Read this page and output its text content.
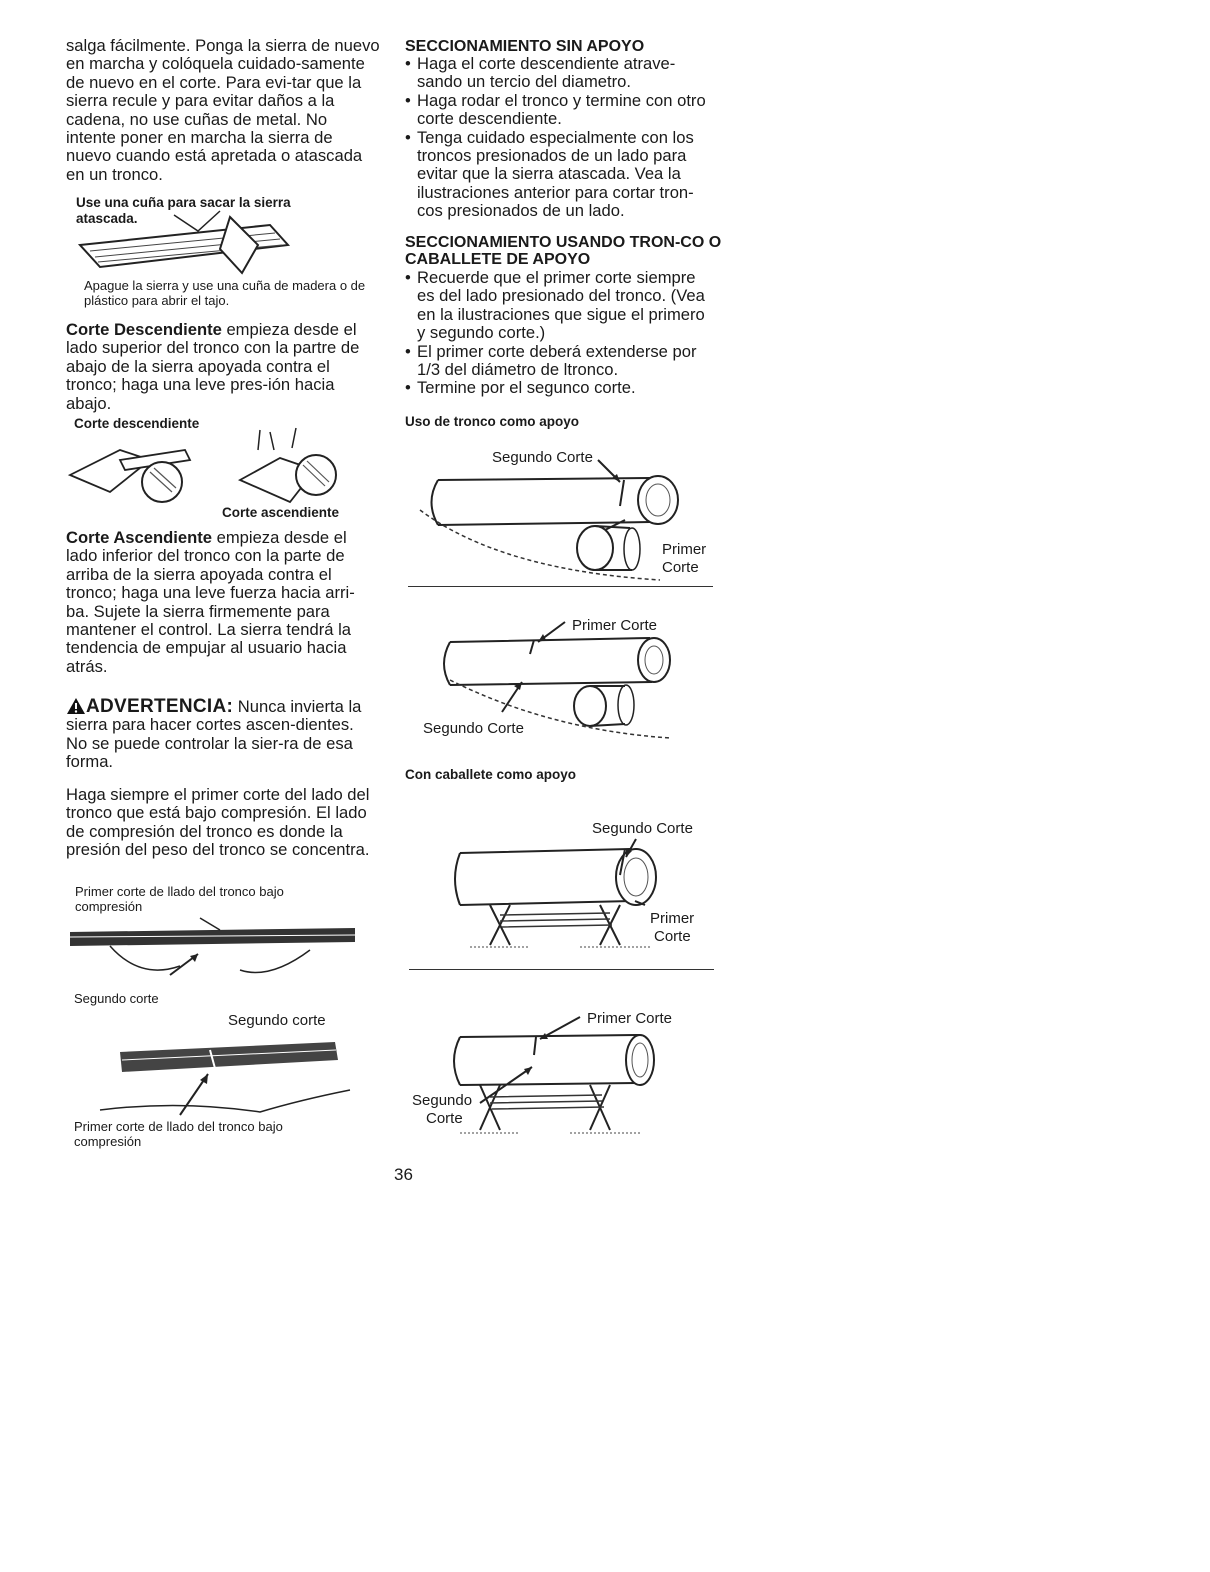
salga fácilmente. Ponga la sierra de nuevo en marcha y colóquela cuidado-samente de nuevo en el corte. Para evi-tar que la sierra recule y para evitar daños a la cadena, no use cuñas de metal. No intente poner en marcha la sierra de nuevo cuando está apretada o atascada en un tronco.

Use una cuña para sacar la sierra atascada.

Apague la sierra y use una cuña de madera o de plástico para abrir el tajo.

Corte Descendiente empieza desde el lado superior del tronco con la partre de abajo de la sierra apoyada contra el tronco; haga una leve pres-ión hacia abajo.

Corte descendiente
Corte ascendiente

Corte Ascendiente empieza desde el lado inferior del tronco con la parte de arriba de la sierra apoyada contra el tronco; haga una leve fuerza hacia arri-ba. Sujete la sierra firmemente para mantener el control. La sierra tendrá la tendencia de empujar al usuario hacia atrás.

ADVERTENCIA: Nunca invierta la sierra para hacer cortes ascen-dientes. No se puede controlar la sier-ra de esa forma.

Haga siempre el primer corte del lado del tronco que está bajo compresión. El lado de compresión del tronco es donde la presión del peso del tronco se concentra.

Primer corte de llado del tronco bajo compresión

Segundo corte
Segundo corte

Primer corte de llado del tronco bajo compresión

SECCIONAMIENTO SIN APOYO

• Haga el corte descendiente atrave-sando un tercio del diametro.
• Haga rodar el tronco y termine con otro corte descendiente.
• Tenga cuidado especialmente con los troncos presionados de un lado para evitar que la sierra atascada. Vea la ilustraciones anterior para cortar tron-cos presionados de un lado.

SECCIONAMIENTO USANDO TRON-CO O CABALLETE DE APOYO

• Recuerde que el primer corte siempre es del lado presionado del tronco. (Vea en la ilustraciones que sigue el primero y segundo corte.)
• El primer corte deberá extenderse por 1/3 del diámetro de ltronco.
• Termine por el segunco corte.

Uso de tronco como apoyo

Segundo Corte
Primer
Corte
Primer Corte
Segundo Corte

Con caballete como apoyo

Segundo Corte
Primer
Corte
Primer Corte
Segundo
Corte
36
